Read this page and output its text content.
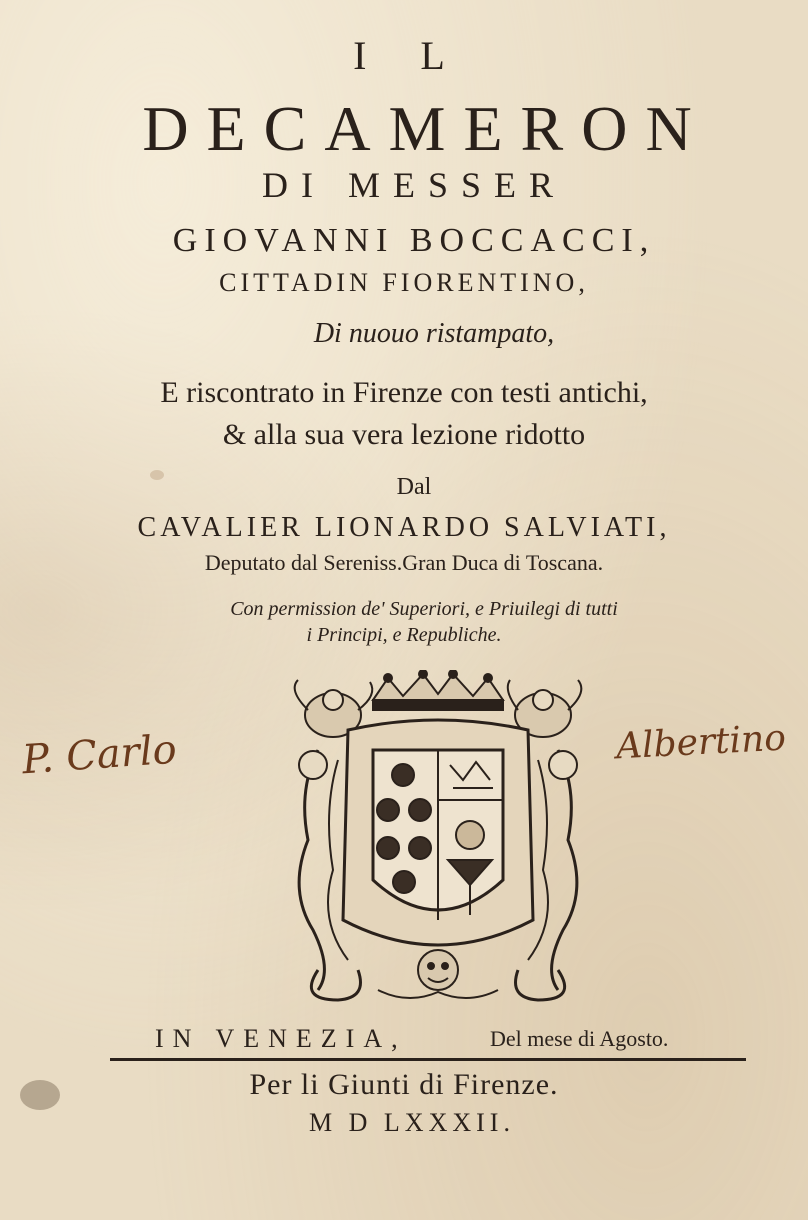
I L
DECAMERON
DI MESSER
GIOVANNI BOCCACCI,
CITTADIN FIORENTINO,
Di nuouo ristampato,
E riscontrato in Firenze con testi antichi,
& alla sua vera lezione ridotto
Dal
CAVALIER LIONARDO SALVIATI,
Deputato dal Sereniss.Gran Duca di Toscana.
Con permission de' Superiori, e Priuilegi di tutti
i Principi, e Republiche.
P. Carlo	Albertino
IN VENEZIA,	Del mese di Agosto.
Per li Giunti di Firenze.
M D LXXXII.
